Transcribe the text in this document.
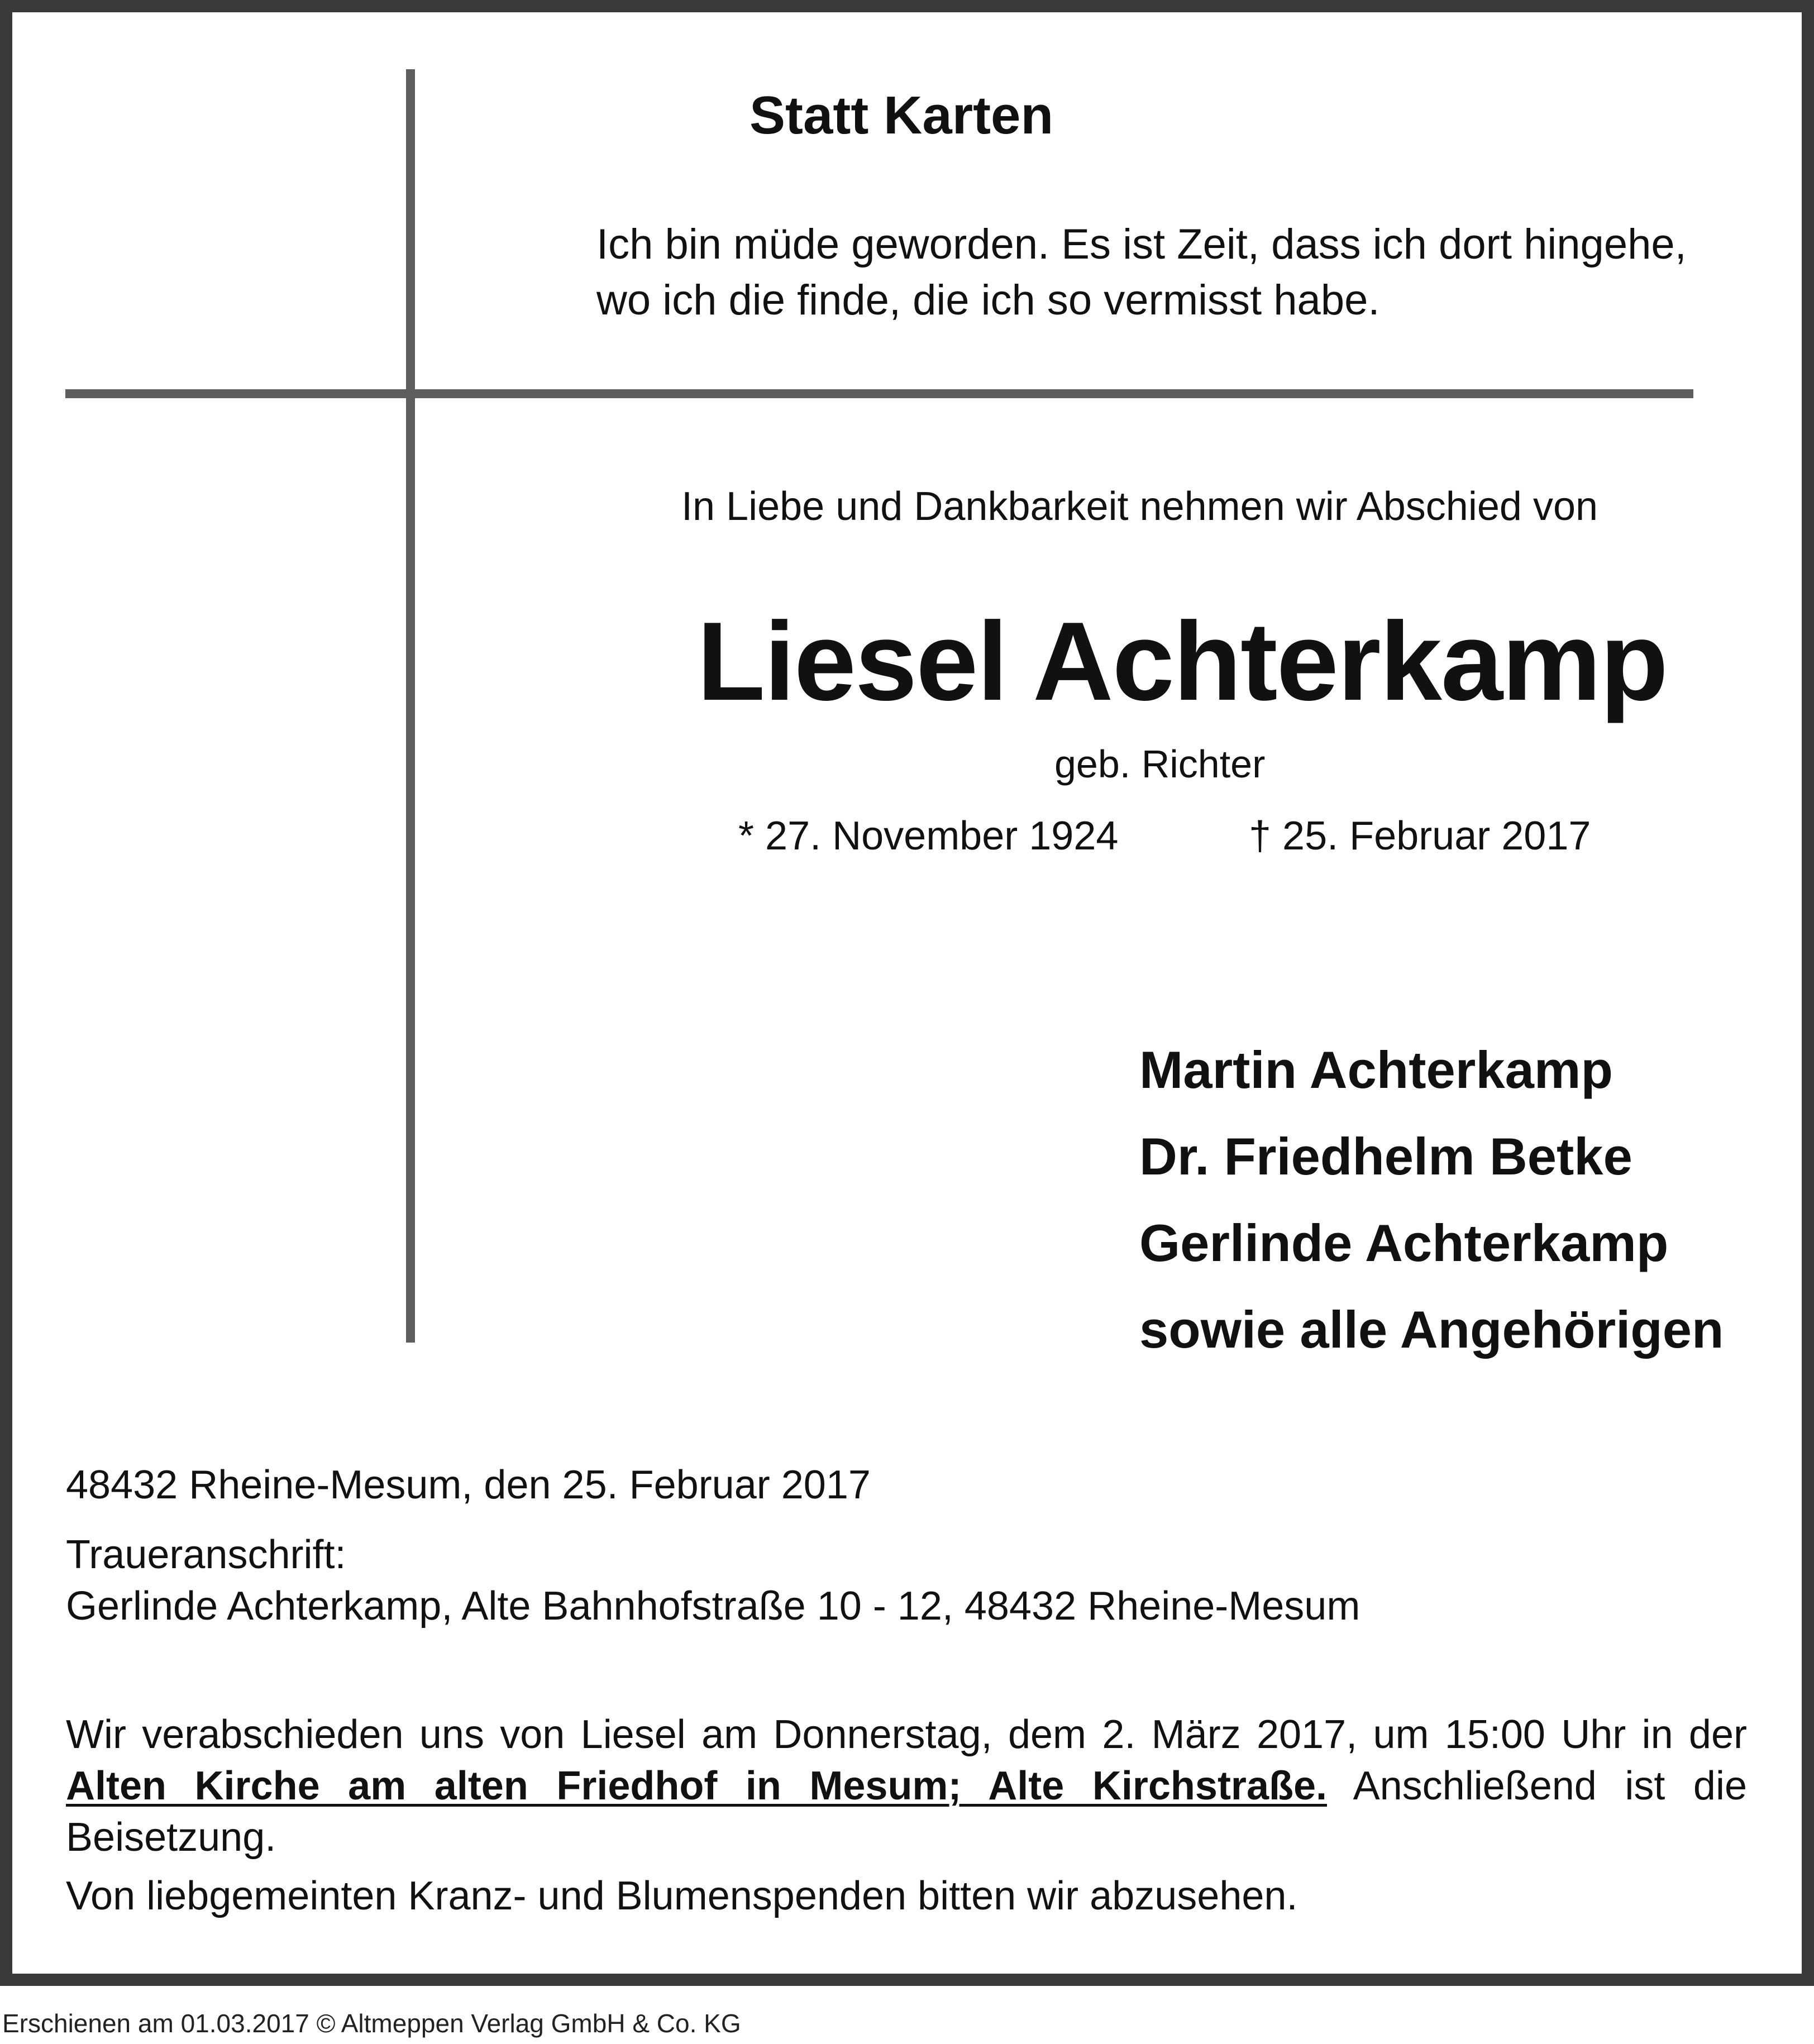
Statt Karten
Ich bin müde geworden. Es ist Zeit, dass ich dort hingehe,
wo ich die finde, die ich so vermisst habe.
In Liebe und Dankbarkeit nehmen wir Abschied von
Liesel Achterkamp
geb. Richter
* 27. November 1924	† 25. Februar 2017
Martin Achterkamp
Dr. Friedhelm Betke
Gerlinde Achterkamp
sowie alle Angehörigen
48432 Rheine-Mesum, den 25. Februar 2017
Traueranschrift:
Gerlinde Achterkamp, Alte Bahnhofstraße 10 - 12, 48432 Rheine-Mesum
Wir verabschieden uns von Liesel am Donnerstag, dem 2. März 2017, um 15:00 Uhr in der Alten Kirche am alten Friedhof in Mesum; Alte Kirchstraße. Anschließend ist die Beisetzung.
Von liebgemeinten Kranz- und Blumenspenden bitten wir abzusehen.
Erschienen am 01.03.2017 © Altmeppen Verlag GmbH & Co. KG
